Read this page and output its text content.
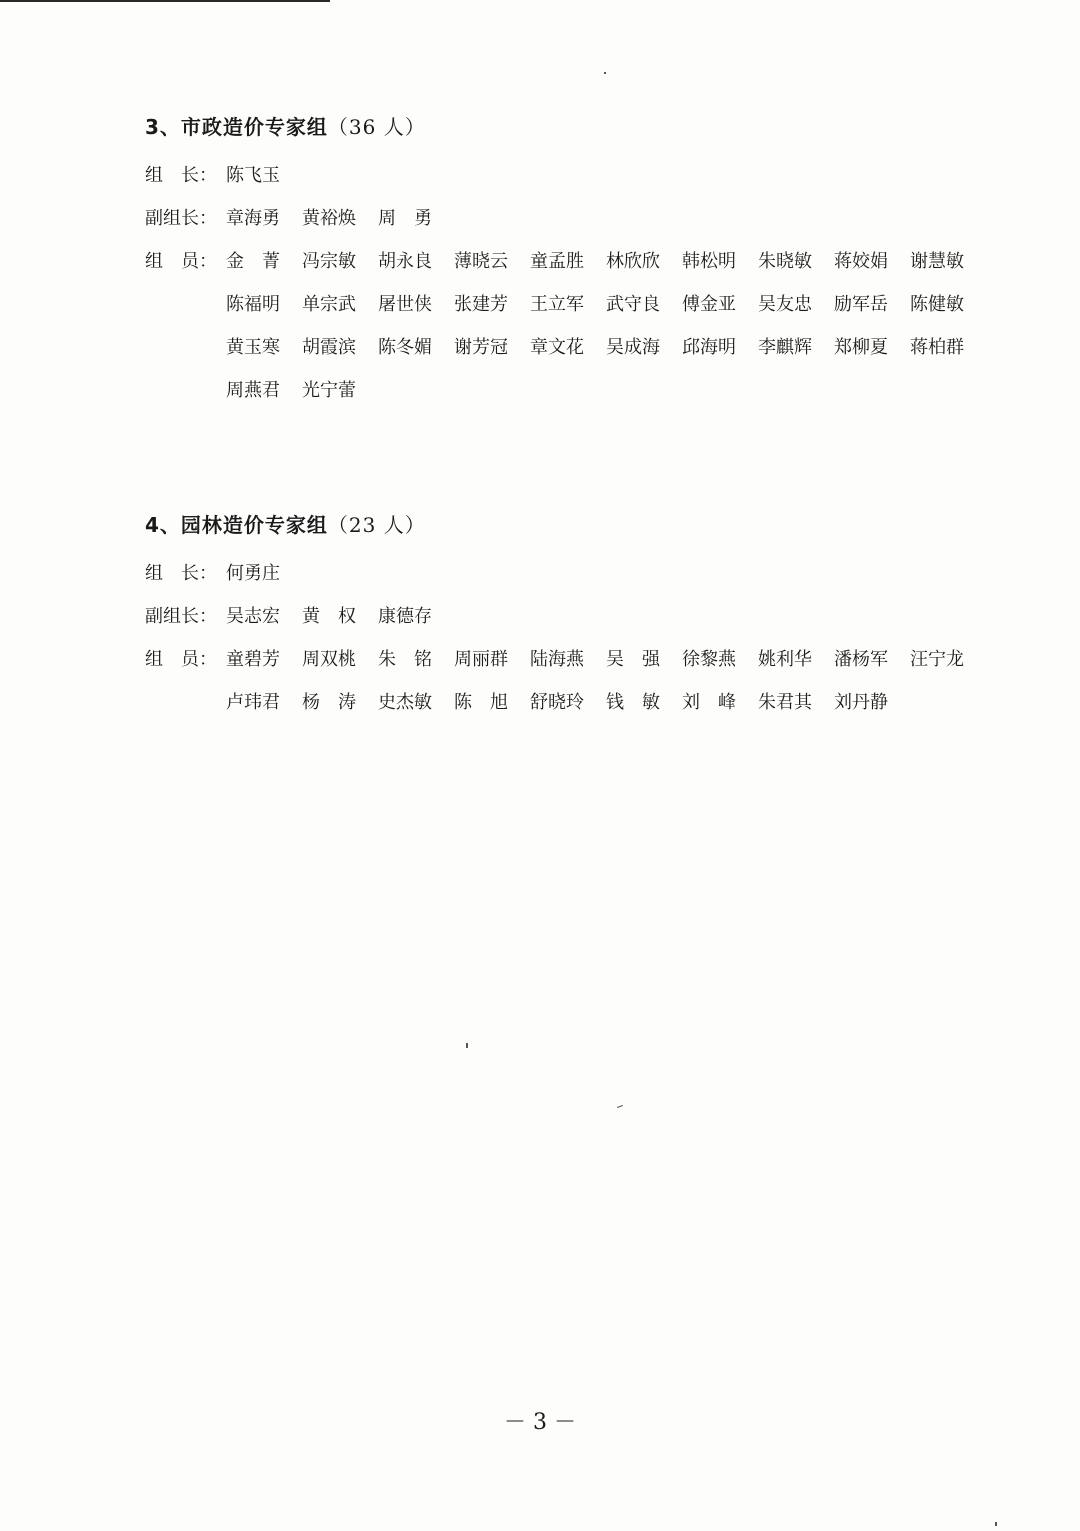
3、市政造价专家组（36 人）
组　长： 陈飞玉
副组长： 章海勇	黄裕焕	周　勇
组　员： 金　菁	冯宗敏	胡永良	薄晓云	童孟胜	林欣欣	韩松明	朱晓敏	蒋姣娟	谢慧敏
陈福明	单宗武	屠世侠	张建芳	王立军	武守良	傅金亚	吴友忠	励军岳	陈健敏
黄玉寒	胡霞滨	陈冬媚	谢芳冠	章文花	吴成海	邱海明	李麒辉	郑柳夏	蒋柏群
周燕君	光宁蕾
4、园林造价专家组（23 人）
组　长： 何勇庄
副组长： 吴志宏	黄　权	康德存
组　员： 童碧芳	周双桃	朱　铭	周丽群	陆海燕	吴　强	徐黎燕	姚利华	潘杨军	汪宁龙
卢玮君	杨　涛	史杰敏	陈　旭	舒晓玲	钱　敏	刘　峰	朱君其	刘丹静
－ 3 －
